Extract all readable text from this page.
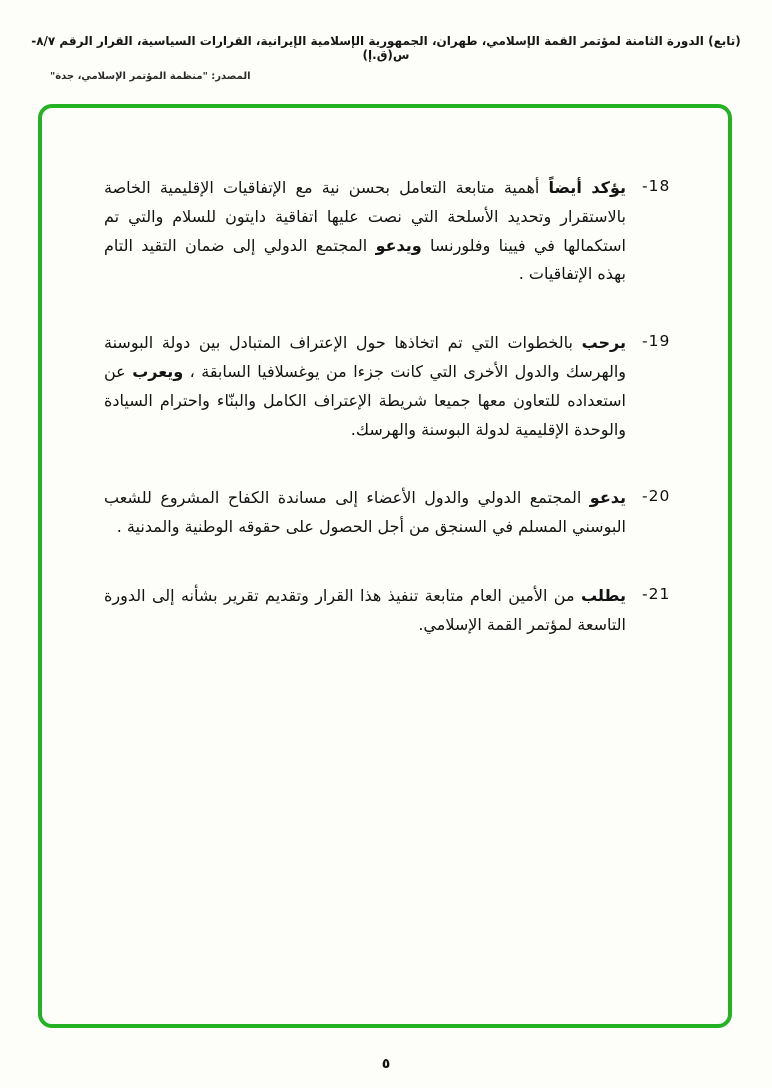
(تابع) الدورة الثامنة لمؤتمر القمة الإسلامي، طهران، الجمهورية الإسلامية الإيرانية، القرارات السياسية، القرار الرقم ٨/٧-س(ق.إ)
المصدر: "منظمة المؤتمر الإسلامي، جدة"
-18

يؤكد أيضاً أهمية متابعة التعامل بحسن نية مع الإتفاقيات الإقليمية الخاصة بالاستقرار وتحديد الأسلحة التي نصت عليها اتفاقية دايتون للسلام والتي تم استكمالها في فيينا وفلورنسا ويدعو المجتمع الدولي إلى ضمان التقيد التام بهذه الإتفاقيات .

-19

يرحب بالخطوات التي تم اتخاذها حول الإعتراف المتبادل بين دولة البوسنة والهرسك والدول الأخرى التي كانت جزءا من يوغسلافيا السابقة ، ويعرب عن استعداده للتعاون معها جميعا شريطة الإعتراف الكامل والبنّاء واحترام السيادة والوحدة الإقليمية لدولة البوسنة والهرسك.

-20

يدعو المجتمع الدولي والدول الأعضاء إلى مساندة الكفاح المشروع للشعب البوسني المسلم في السنجق من أجل الحصول على حقوقه الوطنية والمدنية .

-21

يطلب من الأمين العام متابعة تنفيذ هذا القرار وتقديم تقرير بشأنه إلى الدورة التاسعة لمؤتمر القمة الإسلامي.

٥
